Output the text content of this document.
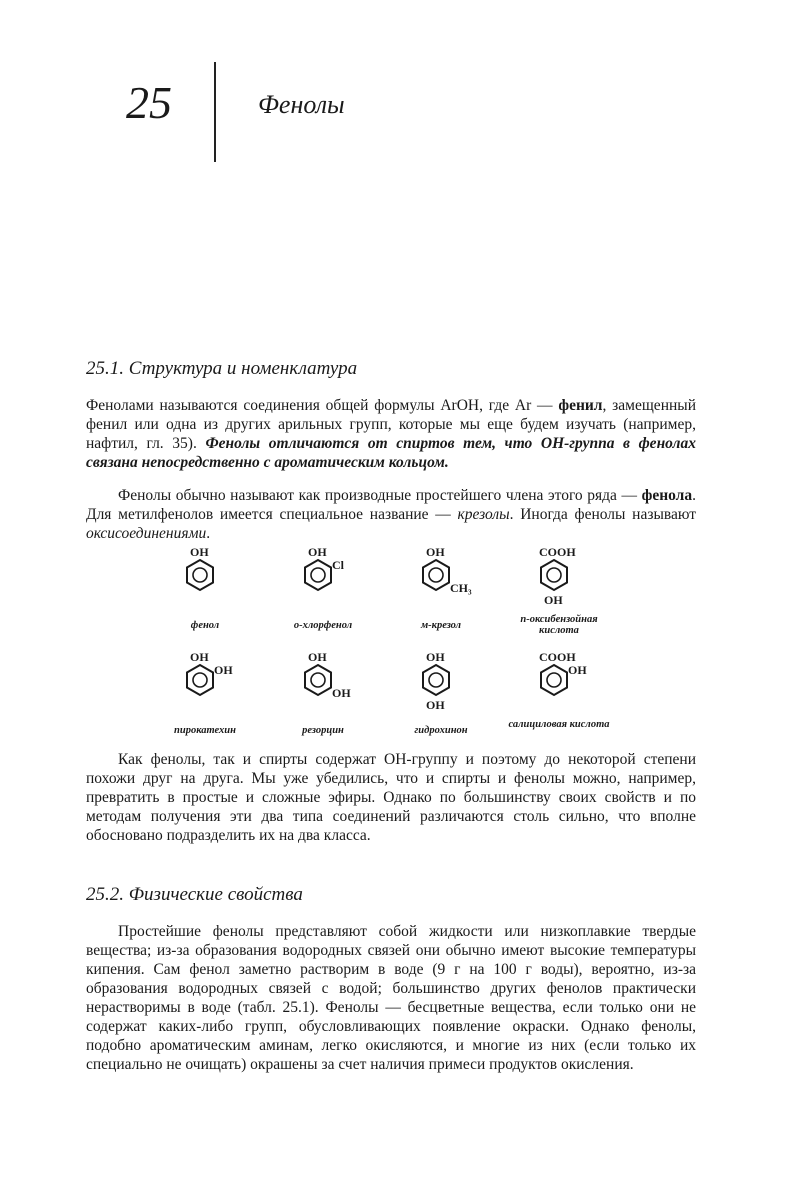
25	Фенолы
25.1. Структура и номенклатура

Фенолами называются соединения общей формулы ArOH, где Ar — фенил, замещенный фенил или одна из других арильных групп, которые мы еще будем изучать (например, нафтил, гл. 35). Фенолы отличаются от спиртов тем, что ОН-группа в фенолах связана непосредственно с ароматическим кольцом.

Фенолы обычно называют как производные простейшего члена этого ряда — фенола. Для метилфенолов имеется специальное название — крезолы. Иногда фенолы называют оксисоединениями.

OH
фенол
OH
Cl
о-хлорфенол
OH
CH₃
м-крезол
COOH
OH
n-оксибензойная кислота
OH
OH
пирокатехин
OH
OH
резорцин
OH
OH
гидрохинон
COOH
OH
салициловая кислота

Как фенолы, так и спирты содержат ОН-группу и поэтому до некоторой степени похожи друг на друга. Мы уже убедились, что и спирты и фенолы можно, например, превратить в простые и сложные эфиры. Однако по большинству своих свойств и по методам получения эти два типа соединений различаются столь сильно, что вполне обосновано подразделить их на два класса.

25.2. Физические свойства

Простейшие фенолы представляют собой жидкости или низкоплавкие твердые вещества; из-за образования водородных связей они обычно имеют высокие температуры кипения. Сам фенол заметно растворим в воде (9 г на 100 г воды), вероятно, из-за образования водородных связей с водой; большинство других фенолов практически нерастворимы в воде (табл. 25.1). Фенолы — бесцветные вещества, если только они не содержат каких-либо групп, обусловливающих появление окраски. Однако фенолы, подобно ароматическим аминам, легко окисляются, и многие из них (если только их специально не очищать) окрашены за счет наличия примеси продуктов окисления.
